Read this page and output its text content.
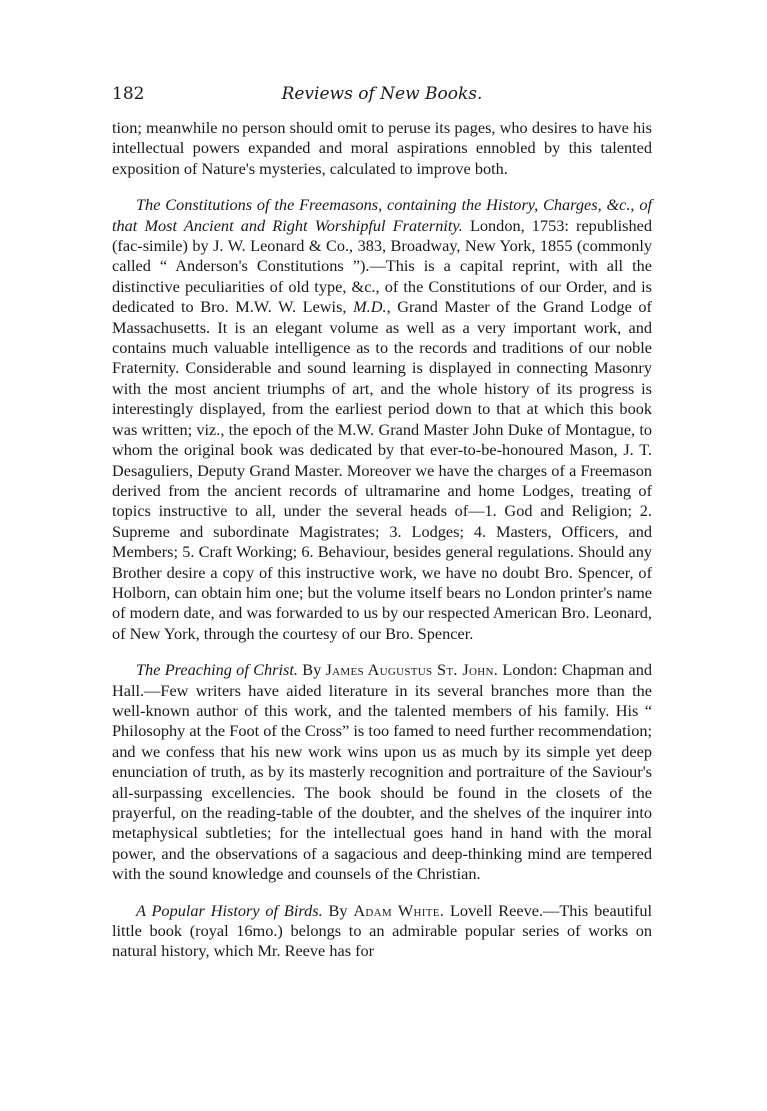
182	Reviews of New Books.

tion; meanwhile no person should omit to peruse its pages, who desires to have his intellectual powers expanded and moral aspirations ennobled by this talented exposition of Nature's mysteries, calculated to improve both.

The Constitutions of the Freemasons, containing the History, Charges, &c., of that Most Ancient and Right Worshipful Fraternity. London, 1753: republished (fac-simile) by J. W. Leonard & Co., 383, Broadway, New York, 1855 (commonly called “ Anderson's Constitutions ”).—This is a capital reprint, with all the distinctive peculiarities of old type, &c., of the Constitutions of our Order, and is dedicated to Bro. M.W. W. Lewis, M.D., Grand Master of the Grand Lodge of Massachusetts. It is an elegant volume as well as a very important work, and contains much valuable intelligence as to the records and traditions of our noble Fraternity. Considerable and sound learning is displayed in connecting Masonry with the most ancient triumphs of art, and the whole history of its progress is interestingly displayed, from the earliest period down to that at which this book was written; viz., the epoch of the M.W. Grand Master John Duke of Montague, to whom the original book was dedicated by that ever-to-be-honoured Mason, J. T. Desaguliers, Deputy Grand Master. Moreover we have the charges of a Freemason derived from the ancient records of ultramarine and home Lodges, treating of topics instructive to all, under the several heads of—1. God and Religion; 2. Supreme and subordinate Magistrates; 3. Lodges; 4. Masters, Officers, and Members; 5. Craft Working; 6. Behaviour, besides general regulations. Should any Brother desire a copy of this instructive work, we have no doubt Bro. Spencer, of Holborn, can obtain him one; but the volume itself bears no London printer's name of modern date, and was forwarded to us by our respected American Bro. Leonard, of New York, through the courtesy of our Bro. Spencer.

The Preaching of Christ. By James Augustus St. John. London: Chapman and Hall.—Few writers have aided literature in its several branches more than the well-known author of this work, and the talented members of his family. His “ Philosophy at the Foot of the Cross” is too famed to need further recommendation; and we confess that his new work wins upon us as much by its simple yet deep enunciation of truth, as by its masterly recognition and portraiture of the Saviour's all-surpassing excellencies. The book should be found in the closets of the prayerful, on the reading-table of the doubter, and the shelves of the inquirer into metaphysical subtleties; for the intellectual goes hand in hand with the moral power, and the observations of a sagacious and deep-thinking mind are tempered with the sound knowledge and counsels of the Christian.

A Popular History of Birds. By Adam White. Lovell Reeve.—This beautiful little book (royal 16mo.) belongs to an admirable popular series of works on natural history, which Mr. Reeve has for
